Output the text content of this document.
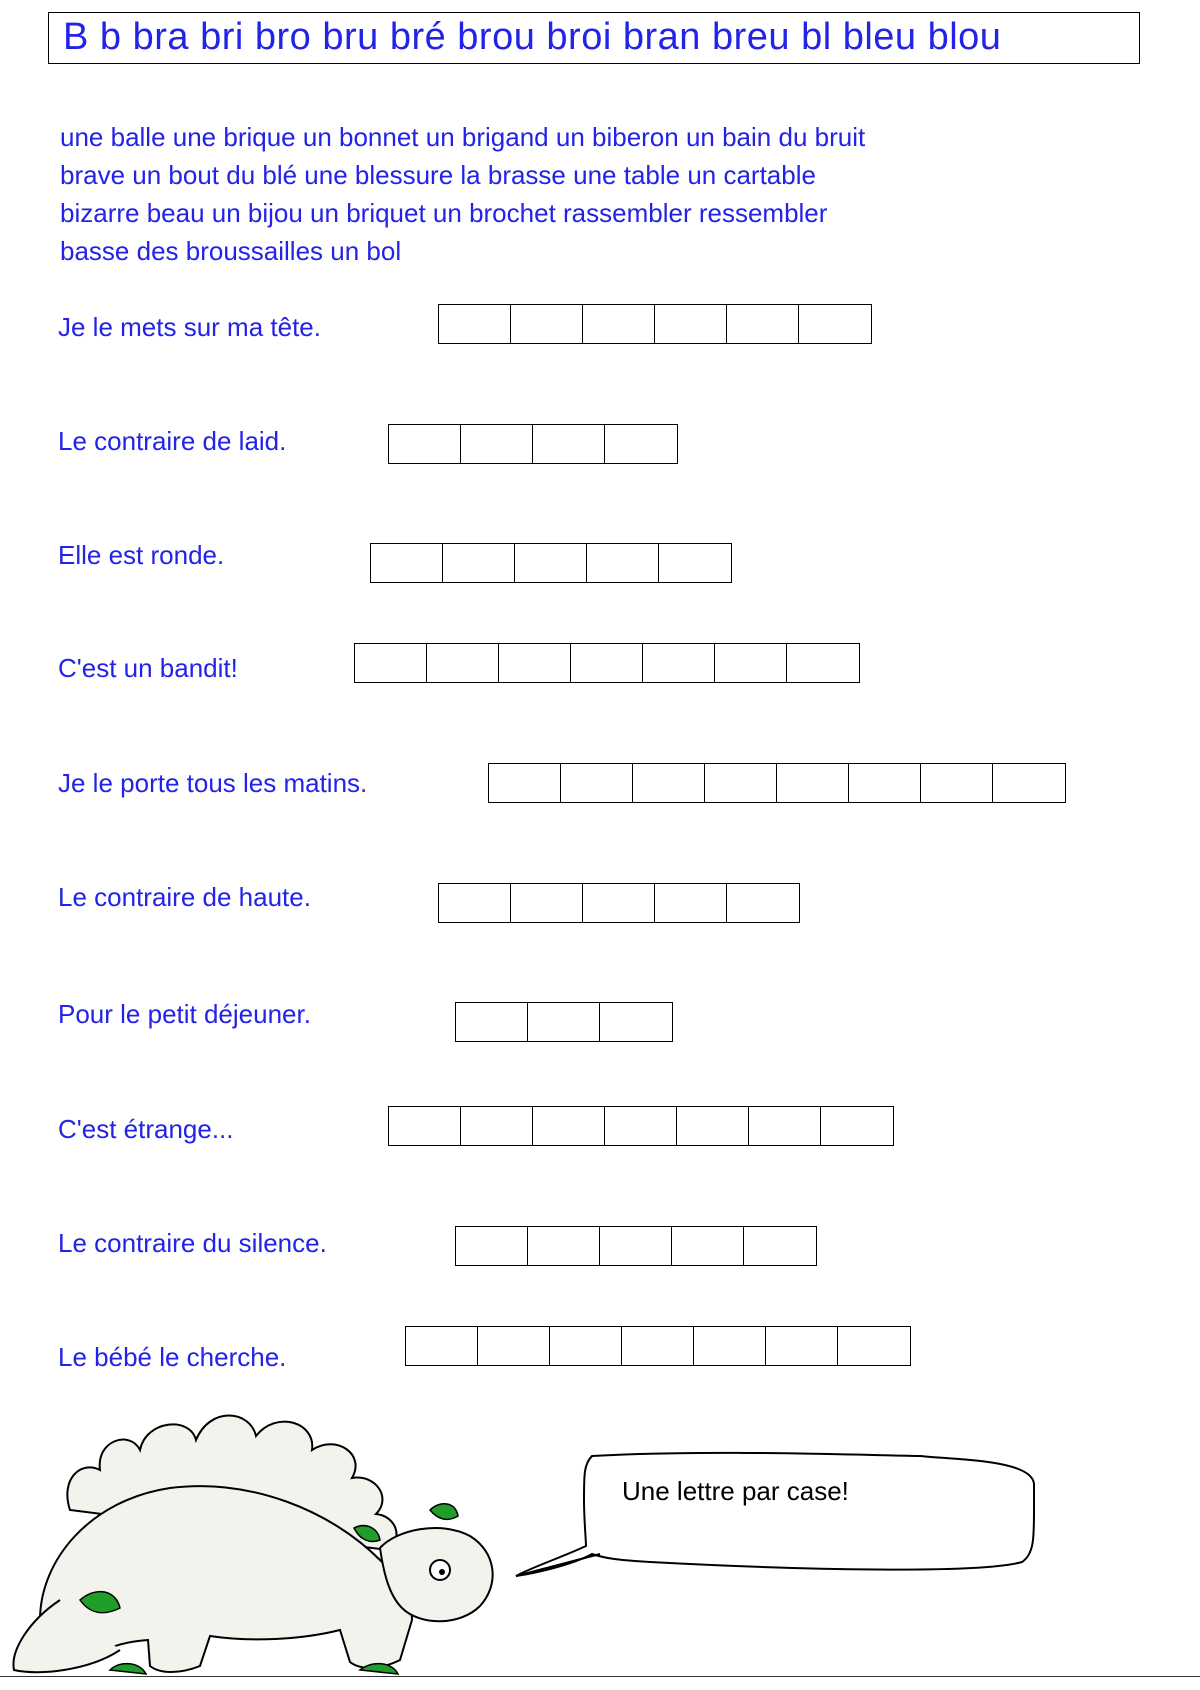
B b bra bri bro bru bré brou broi bran breu bl bleu blou
une balle une brique un bonnet un brigand un biberon un bain du bruit
brave un bout du blé une blessure la brasse une table un cartable
bizarre beau un bijou un briquet un brochet rassembler ressembler
basse des broussailles un bol
Je le mets sur ma tête.
Le contraire de laid.
Elle est ronde.
C'est un bandit!
Je le porte tous les matins.
Le contraire de haute.
Pour le petit déjeuner.
C'est étrange...
Le contraire du silence.
Le bébé le cherche.
Une lettre par case!
